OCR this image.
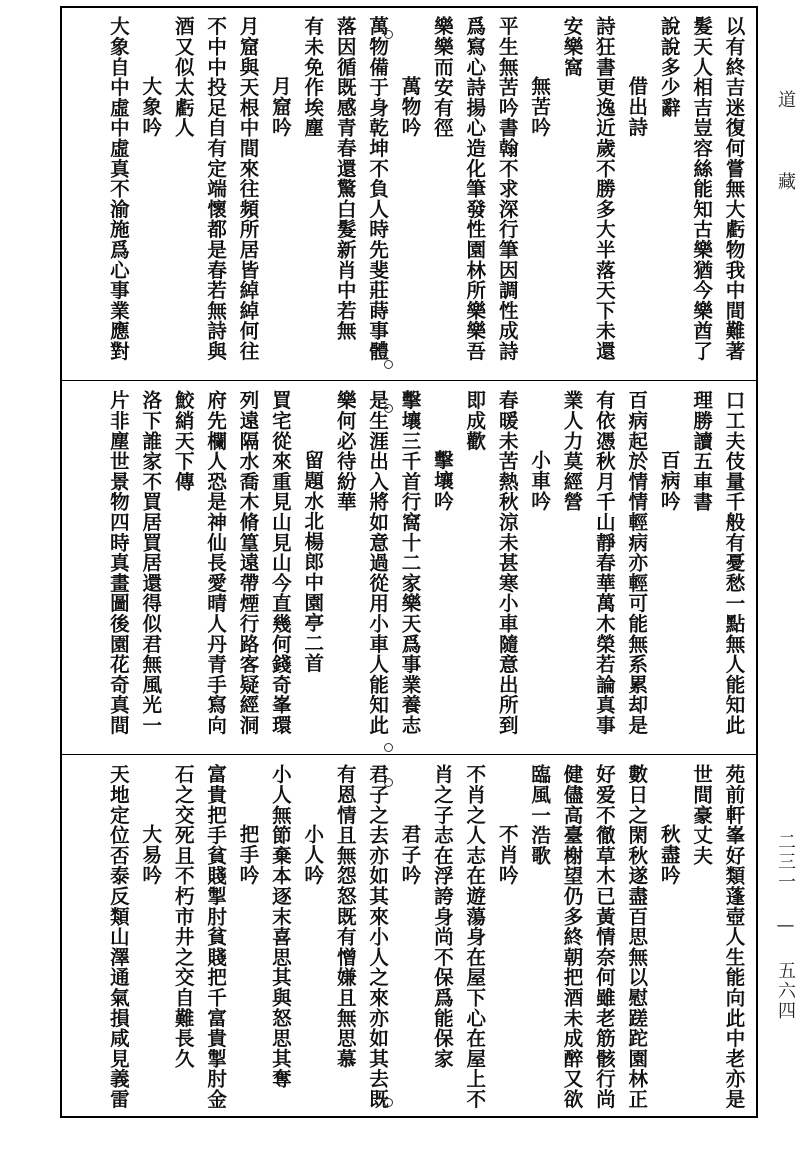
道
藏
二三一 — 五六四
以有終吉迷復何嘗無大虧物我中間難著
髮天人相吉豈容絲能知古樂猶今樂酋了
說說多少辭
借出詩
詩狂書更逸近歲不勝多大半落天下未還
安樂窩
無苦吟
平生無苦吟書翰不求深行筆因調性成詩
爲寫心詩揚心造化筆發性園林所樂樂吾
樂樂而安有徑
萬物吟
萬物備于身乾坤不負人時先斐莊蒔事體
落因循既感青春還驚白髮新肖中若無
有未免作埃塵
月窟吟
月窟與天根中間來往頻所居皆綽綽何往
不中中投足自有定端懷都是春若無詩與
酒又似太虧人
大象吟
大象自中虛中虛真不渝施爲心事業應對
口工夫伎量千般有憂愁一點無人能知此
理勝讀五車書
百病吟
百病起於情情輕病亦輕可能無系累却是
有依憑秋月千山靜春華萬木榮若論真事
業人力莫經營
小車吟
春暖未苦熱秋涼未甚寒小車隨意出所到
即成歡
擊壤吟
擊壤三千首行窩十二家樂天爲事業養志
是生涯出入將如意過從用小車人能知此
樂何必待紛華
留題水北楊郎中園亭二首
買宅從來重見山見山今直幾何錢奇峯環
列遠隔水喬木脩篁遠帶煙行路客疑經洞
府先欄人恐是神仙長愛晴人丹青手寫向
鮫綃天下傳
洛下誰家不買居買居還得似君無風光一
片非塵世景物四時真畫圖後園花奇真間
苑前軒峯好類蓬壺人生能向此中老亦是
世間豪丈夫
秋盡吟
數日之閑秋遂盡百思無以慰蹉跎園林正
好爱不徹草木已黃情奈何雖老筋骸行尚
健儘高臺榭望仍多終朝把酒未成醉又欲
臨風一浩歌
不肖吟
不肖之人志在遊蕩身在屋下心在屋上不
肖之子志在浮誇身尚不保爲能保家
君子吟
君子之去亦如其來小人之來亦如其去既
有恩情且無怨怒既有憎嫌且無思慕
小人吟
小人無節棄本逐末喜思其與怒思其奪
把手吟
富貴把手貧賤掣肘貧賤把千富貴掣肘金
石之交死且不朽市井之交自難長久
大易吟
天地定位否泰反類山澤通氣損咸見義雷
